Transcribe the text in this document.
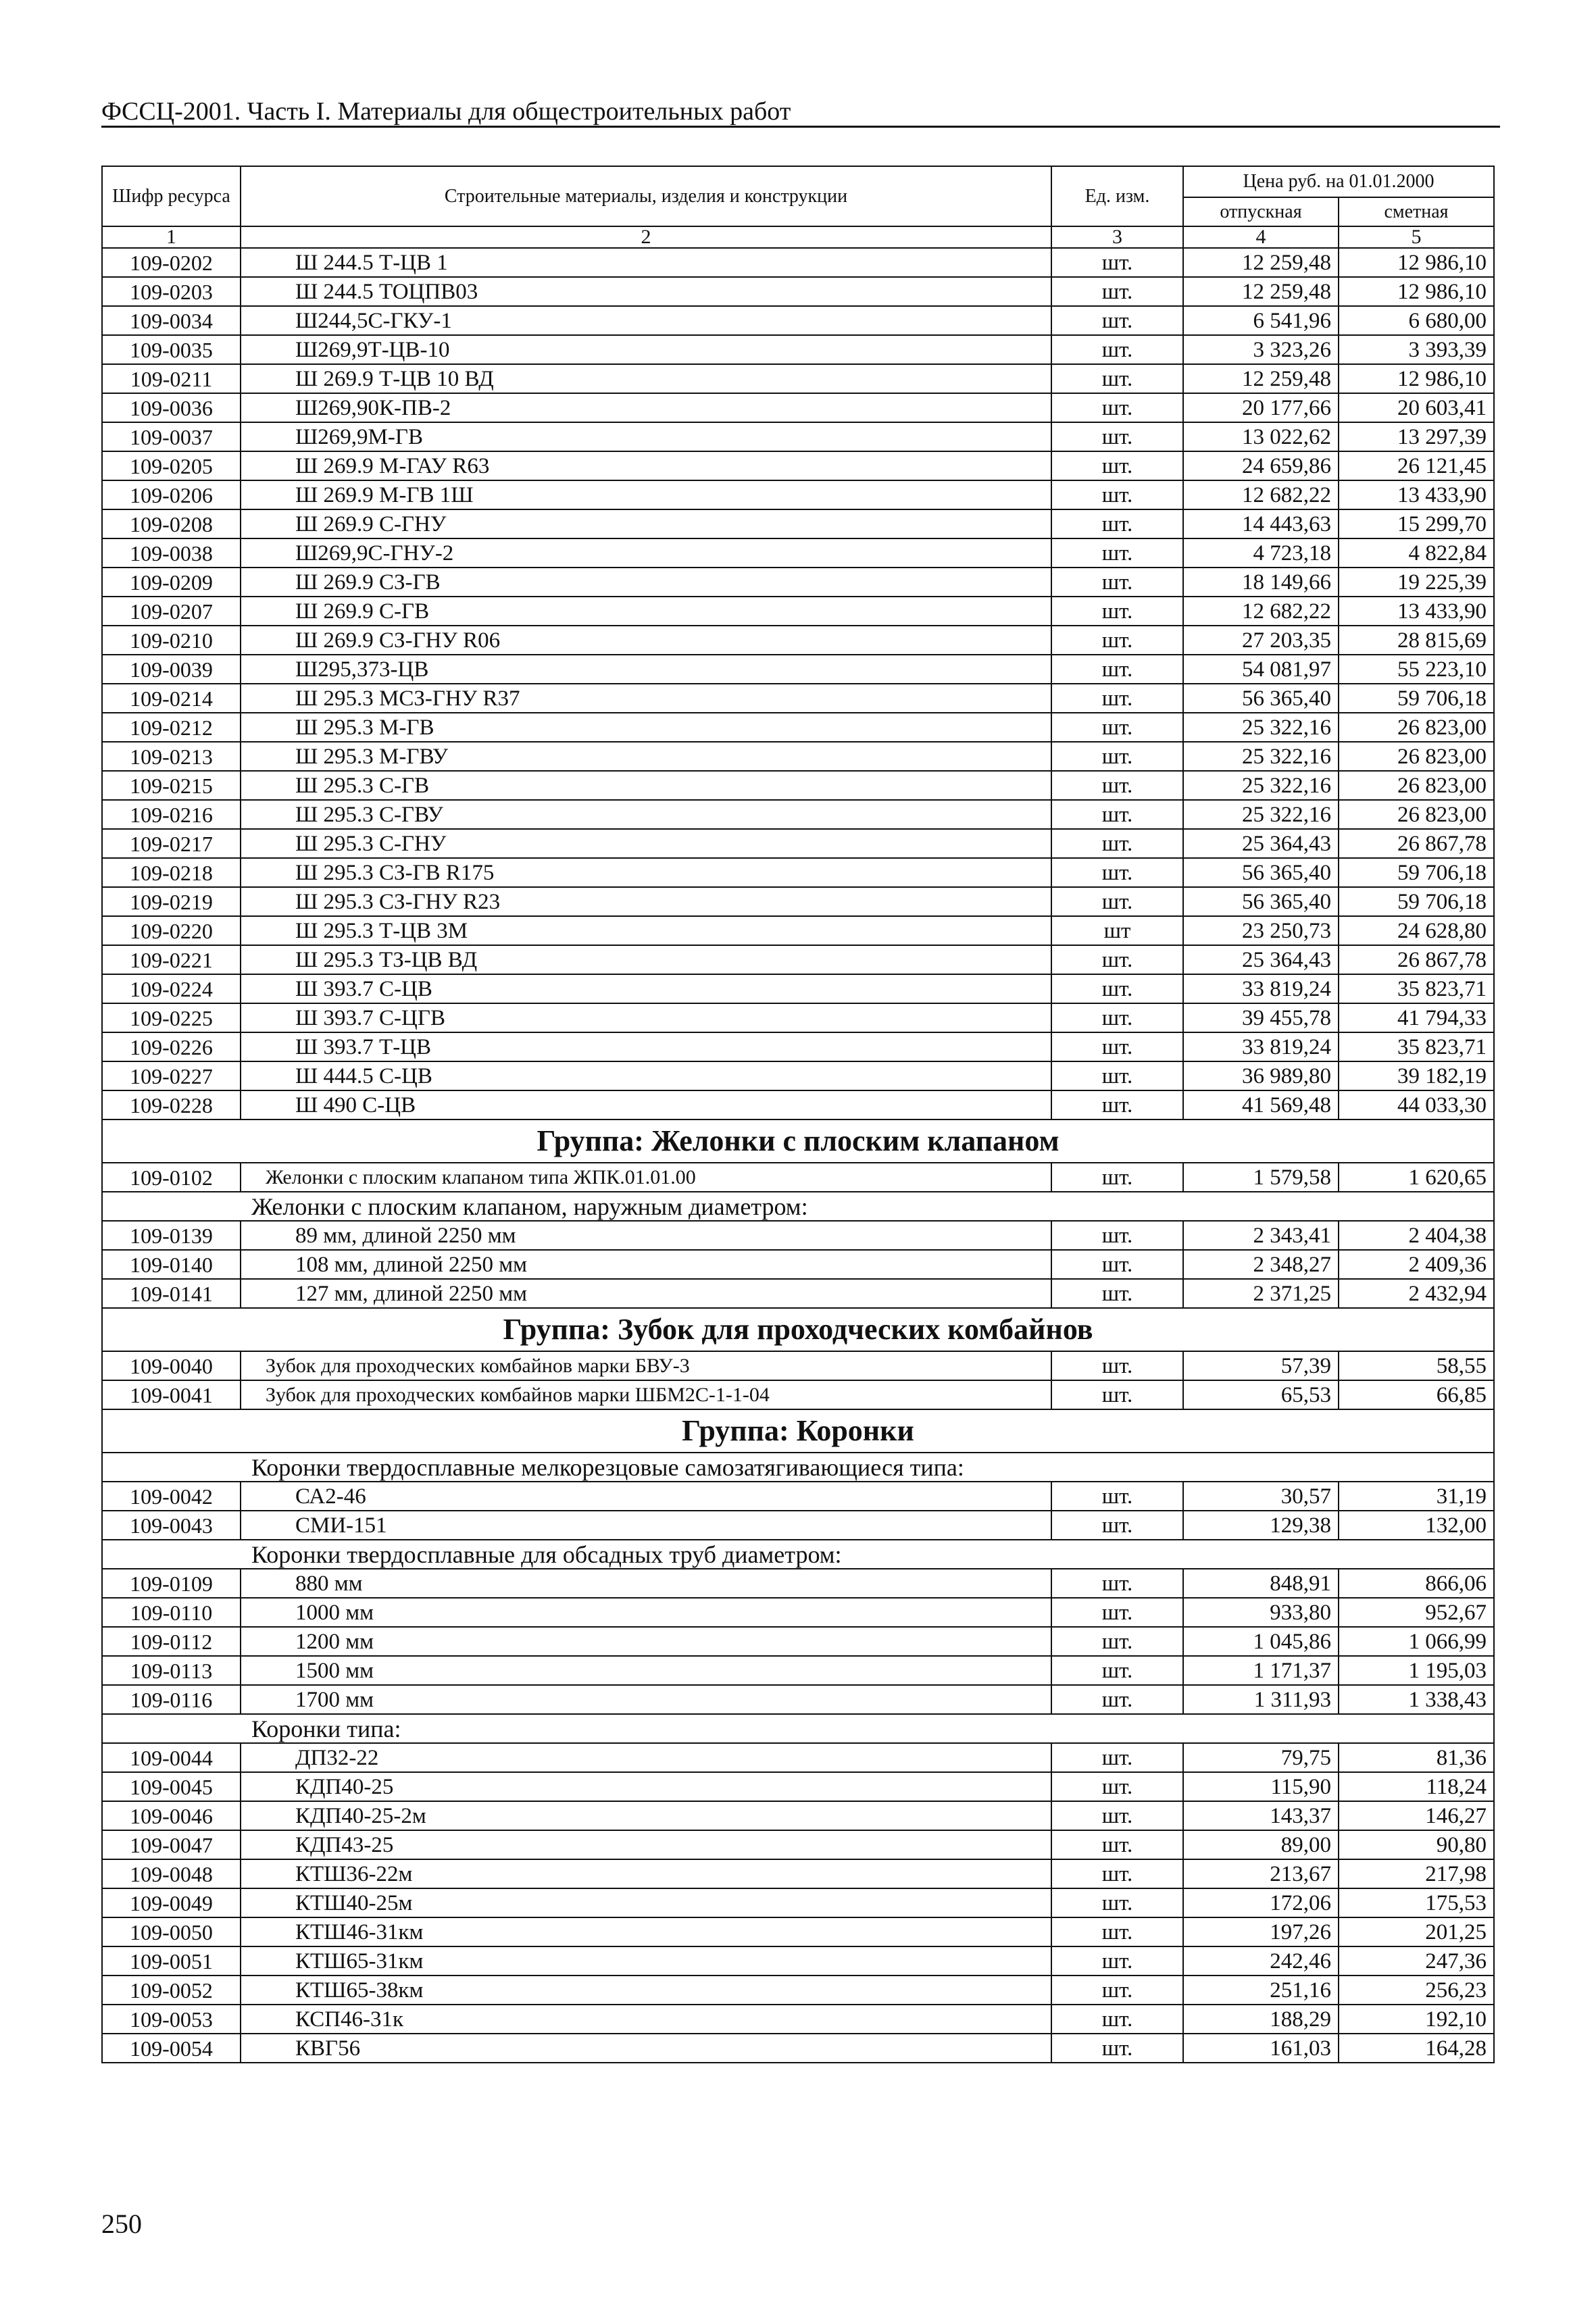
ФССЦ-2001. Часть I. Материалы для общестроительных работ
Шифр ресурса	Строительные материалы, изделия и конструкции	Ед. изм.	Цена руб. на 01.01.2000	
			отпускная	сметная
1	2	3	4	5
109-0202	Ш 244.5 Т-ЦВ 1	шт.	12 259,48	12 986,10
109-0203	Ш 244.5 ТОЦПВ03	шт.	12 259,48	12 986,10
109-0034	Ш244,5С-ГКУ-1	шт.	6 541,96	6 680,00
109-0035	Ш269,9Т-ЦВ-10	шт.	3 323,26	3 393,39
109-0211	Ш 269.9 Т-ЦВ 10 ВД	шт.	12 259,48	12 986,10
109-0036	Ш269,90К-ПВ-2	шт.	20 177,66	20 603,41
109-0037	Ш269,9М-ГВ	шт.	13 022,62	13 297,39
109-0205	Ш 269.9 М-ГАУ R63	шт.	24 659,86	26 121,45
109-0206	Ш 269.9 М-ГВ 1Ш	шт.	12 682,22	13 433,90
109-0208	Ш 269.9 С-ГНУ	шт.	14 443,63	15 299,70
109-0038	Ш269,9С-ГНУ-2	шт.	4 723,18	4 822,84
109-0209	Ш 269.9 СЗ-ГВ	шт.	18 149,66	19 225,39
109-0207	Ш 269.9 С-ГВ	шт.	12 682,22	13 433,90
109-0210	Ш 269.9 СЗ-ГНУ R06	шт.	27 203,35	28 815,69
109-0039	Ш295,373-ЦВ	шт.	54 081,97	55 223,10
109-0214	Ш 295.3 МСЗ-ГНУ R37	шт.	56 365,40	59 706,18
109-0212	Ш 295.3 М-ГВ	шт.	25 322,16	26 823,00
109-0213	Ш 295.3 М-ГВУ	шт.	25 322,16	26 823,00
109-0215	Ш 295.3 С-ГВ	шт.	25 322,16	26 823,00
109-0216	Ш 295.3 С-ГВУ	шт.	25 322,16	26 823,00
109-0217	Ш 295.3 С-ГНУ	шт.	25 364,43	26 867,78
109-0218	Ш 295.3 СЗ-ГВ R175	шт.	56 365,40	59 706,18
109-0219	Ш 295.3 СЗ-ГНУ R23	шт.	56 365,40	59 706,18
109-0220	Ш 295.3 Т-ЦВ 3М	шт	23 250,73	24 628,80
109-0221	Ш 295.3 ТЗ-ЦВ ВД	шт.	25 364,43	26 867,78
109-0224	Ш 393.7 С-ЦВ	шт.	33 819,24	35 823,71
109-0225	Ш 393.7 С-ЦГВ	шт.	39 455,78	41 794,33
109-0226	Ш 393.7 Т-ЦВ	шт.	33 819,24	35 823,71
109-0227	Ш 444.5 С-ЦВ	шт.	36 989,80	39 182,19
109-0228	Ш 490 С-ЦВ	шт.	41 569,48	44 033,30
Группа: Желонки с плоским клапаном				
109-0102	Желонки с плоским клапаном типа ЖПК.01.01.00	шт.	1 579,58	1 620,65
Желонки с плоским клапаном, наружным диаметром:				
109-0139	89 мм, длиной 2250 мм	шт.	2 343,41	2 404,38
109-0140	108 мм, длиной 2250 мм	шт.	2 348,27	2 409,36
109-0141	127 мм, длиной 2250 мм	шт.	2 371,25	2 432,94
Группа: Зубок для проходческих комбайнов				
109-0040	Зубок для проходческих комбайнов марки БВУ-3	шт.	57,39	58,55
109-0041	Зубок для проходческих комбайнов марки ШБМ2С-1-1-04	шт.	65,53	66,85
Группа: Коронки				
Коронки твердосплавные мелкорезцовые самозатягивающиеся типа:				
109-0042	СА2-46	шт.	30,57	31,19
109-0043	СМИ-151	шт.	129,38	132,00
Коронки твердосплавные для обсадных труб диаметром:				
109-0109	880 мм	шт.	848,91	866,06
109-0110	1000 мм	шт.	933,80	952,67
109-0112	1200 мм	шт.	1 045,86	1 066,99
109-0113	1500 мм	шт.	1 171,37	1 195,03
109-0116	1700 мм	шт.	1 311,93	1 338,43
Коронки типа:				
109-0044	ДП32-22	шт.	79,75	81,36
109-0045	КДП40-25	шт.	115,90	118,24
109-0046	КДП40-25-2м	шт.	143,37	146,27
109-0047	КДП43-25	шт.	89,00	90,80
109-0048	КТШ36-22м	шт.	213,67	217,98
109-0049	КТШ40-25м	шт.	172,06	175,53
109-0050	КТШ46-31км	шт.	197,26	201,25
109-0051	КТШ65-31км	шт.	242,46	247,36
109-0052	КТШ65-38км	шт.	251,16	256,23
109-0053	КСП46-31к	шт.	188,29	192,10
109-0054	КВГ56	шт.	161,03	164,28
250
